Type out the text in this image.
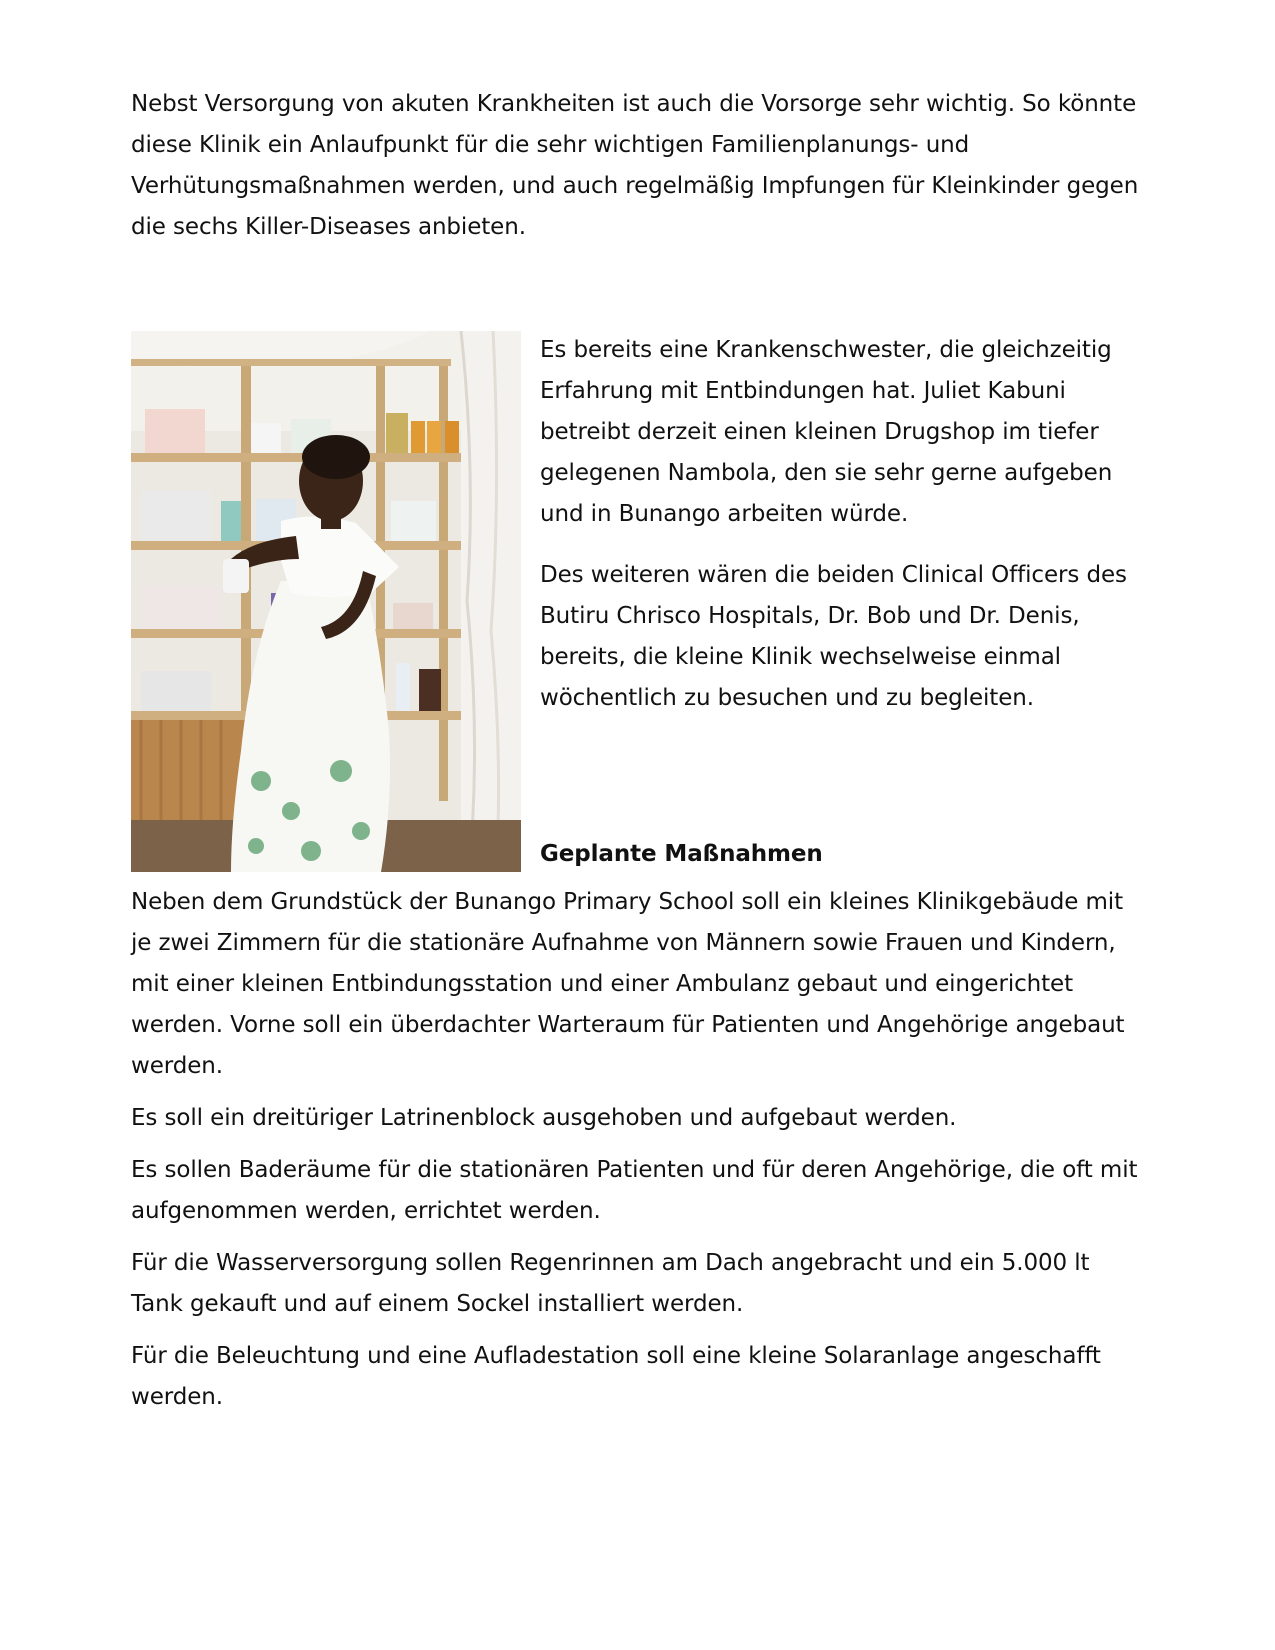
Nebst Versorgung von akuten Krankheiten ist auch die Vorsorge sehr wichtig. So könnte diese Klinik ein Anlaufpunkt für die sehr wichtigen Familienplanungs- und Verhütungsmaßnahmen werden, und auch regelmäßig Impfungen für Kleinkinder gegen die sechs Killer-Diseases anbieten.

Es bereits eine Krankenschwester, die gleichzeitig Erfahrung mit Entbindungen hat. Juliet Kabuni betreibt derzeit einen kleinen Drugshop im tiefer gelegenen Nambola, den sie sehr gerne aufgeben und in Bunango arbeiten würde.

Des weiteren wären die beiden Clinical Officers des Butiru Chrisco Hospitals, Dr. Bob und Dr. Denis, bereits, die kleine Klinik wechselweise einmal wöchentlich zu besuchen und zu begleiten.

Geplante Maßnahmen

Neben dem Grundstück der Bunango Primary School soll ein kleines Klinikgebäude mit je zwei Zimmern für die stationäre Aufnahme von Männern sowie Frauen und Kindern, mit einer kleinen Entbindungsstation und einer Ambulanz gebaut und eingerichtet werden. Vorne soll ein überdachter Warteraum für Patienten und Angehörige angebaut werden.

Es soll ein dreitüriger Latrinenblock ausgehoben und aufgebaut werden.

Es sollen Baderäume für die stationären Patienten und für deren Angehörige, die oft mit aufgenommen werden, errichtet werden.

Für die Wasserversorgung sollen Regenrinnen am Dach angebracht und ein 5.000 lt Tank gekauft und auf einem Sockel installiert werden.

Für die Beleuchtung und eine Aufladestation soll eine kleine Solaranlage angeschafft werden.
